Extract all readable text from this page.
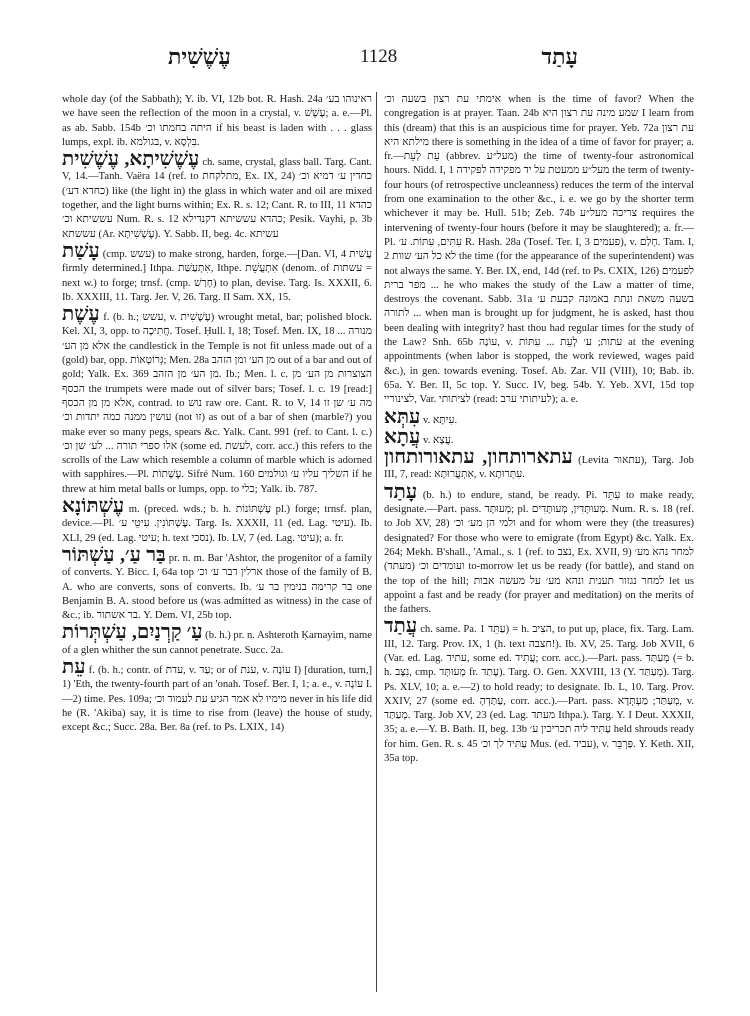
עֶשֶׁשִׁית	1128	עָתַד

whole day (of the Sabbath); Y. ib. VI, 12b bot. R. Hash. 24a ראינוהו בע׳ we have seen the reflection of the moon in a crystal, v. עָשָׁשׁ; a. e.—Pl. as ab. Sabb. 154b היתה בחמתו וכ׳ if his beast is laden with . . . glass lumps, expl. ib. בגולמא, v. בִּלְסָא.

עֶשֶׁשִׁיתָא, עֶשֶׁשִׁית ch. same, crystal, glass ball. Targ. Cant. V, 14.—Tanh. Vaëra 14 (ref. to מתלקחת, Ex. IX, 24) כחדין ע׳ דמיא וכ׳ (כחדא דע׳) like (the light in) the glass in which water and oil are mixed together, and the light burns within; Ex. R. s. 12; Cant. R. to III, 11 כהדא עששיתא וכ׳ Num. R. s. 12 כהדא עששיתא דקנדילא; Pesik. Vayhi, p. 3b עששתא (Ar. עֶשָׁשִׁיתָא). Y. Sabb. II, beg. 4c. עשיתא

עָשַׁת (cmp. עשש) to make strong, harden, forge.—[Dan. VI, 4 עֲשִׁית firmly determined.] Ithpa. אִתְעַשַּׁת, Ithpe. אִתְעֲשֵׁת (denom. of עשתות = next w.) to forge; trnsf. (cmp. חָרַשׁ) to plan, devise. Targ. Is. XXXII, 6. Ib. XXXIII, 11. Targ. Jer. V, 26. Targ. II Sam. XX, 15.

עֶשֶׁת f. (b. h.; עשש, v. עֶשֶׁשִׁית) wrought metal, bar; polished block. Kel. XI, 3, opp. to חֲתִיכָה. Tosef. Ḥull. I, 18; Tosef. Men. IX, 18 מנורה ... אלא מן הע׳ the candlestick in the Temple is not fit unless made out of a (gold) bar, opp. גְּרוֹטָאוֹת; Men. 28a מן הע׳ ומן הזהב out of a bar and out of gold; Yalk. Ex. 369 מן הע׳ מן הזהב. Ib.; Men. l. c. הצוצרות מן הע׳ מן הכסף the trumpets were made out of silver bars; Tosef. l. c. 19 [read:] אלא מן מן הכסף, contrad. to נוש raw ore. Cant. R. to V, 14 מה ע׳ שן זו עושין ממנה כמה יתדות וכ׳ (not זוּ) as out of a bar of shen (marble?) you make ever so many pegs, spears &c. Yalk. Cant. 991 (ref. to Cant. l. c.) אלו ספרי תורה ... לע׳ שן וכ׳ (some ed. לעשת, corr. acc.) this refers to the scrolls of the Law which resemble a column of marble which is adorned with sapphires.—Pl. עֶשָׁתוֹת. Sifré Num. 160 השליך עליו ע׳ וגולמים if he threw at him metal balls or lumps, opp. to כלי; Yalk. ib. 787.

עֶשְׁתּוֹנָא m. (preced. wds.; b. h. עֶשְׁתּוֹנוֹת pl.) forge; trnsf. plan, device.—Pl. עֶשְׁתּוֹנִין. עִיטֵי ע׳. Targ. Is. XXXII, 11 (ed. Lag. עיטי). Ib. XLI, 29 (ed. Lag. עיטי; h. text נסכי). Ib. LV, 7 (ed. Lag. עיטי); a. fr.

בַּר עַ׳, עַשְׁתּוֹר pr. n. m. Bar 'Ashtor, the progenitor of a family of converts. Y. Bicc. I, 64a top ארלין דבר ע׳ וכ׳ those of the family of B. A. who are converts, sons of converts. Ib. בר קרימה בנימין בר ע׳ one Benjamin B. A. stood before us (was admitted as witness) in the case of &c.; ib. בר אשתור. Y. Dem. VI, 25b top.

עַ׳ קַרְנַיִם, עַשְׁתְּרוֹת (b. h.) pr. n. Ashteroth Ḳarnayim, name of a glen whither the sun cannot penetrate. Succ. 2a.

עֵת f. (b. h.; contr. of עדת, v. עַד; or of ענת, v. עוֹנָה I) [duration, turn,] 1) 'Eth, the twenty-fourth part of an 'onah. Tosef. Ber. I, 1; a. e., v. עוֹנָה I.—2) time. Pes. 109a; מימיו לא אמר הגיע עת לעמוד וכ׳ never in his life did he (R. 'Akiba) say, it is time to rise from (leave) the house of study, except &c.; Succ. 28a. Ber. 8a (ref. to Ps. LXIX, 14)

אימתי עת רצון בשעה וכ׳ when is the time of favor? When the congregation is at prayer. Taan. 24b שמע מינה עת רצון היא I learn from this (dream) that this is an auspicious time for prayer. Yeb. 72a עת רצון מילתא היא there is something in the idea of a time of favor for prayer; a. fr.—עֵת לְעֵת (abbrev. מעל״ע) the time of twenty-four astronomical hours. Nidd. I, 1 מעל״ע ממעטת על יד מפקידה לפקידה the term of twenty-four hours (of retrospective uncleanness) reduces the term of the interval from one examination to the other &c., i. e. we go by the shorter term whichever it may be. Hull. 51b; Zeb. 74b צריכה מעל״ע requires the intervening of twenty-four hours (before it may be slaughtered); a. fr.—Pl. עִתִּים, עִתּוֹת. ע׳ R. Hash. 28a (Tosef. Ter. I, 3 פעמים), v. חָלַם. Tam. I, 2 לא כל הע׳ שוות the time (for the appearance of the superintendent) was not always the same. Y. Ber. IX, end, 14d (ref. to Ps. CXIX, 126) לפעמים ... מפר ברית he who makes the study of the Law a matter of time, destroys the covenant. Sabb. 31a בשעה משאת ונתת באמונה קבעת ע׳ לתורה ... when man is brought up for judgment, he is asked, hast thou been dealing with integrity? hast thou had regular times for the study of the Law? Snh. 65b עוֹנָה, v. עתות; ע׳ לְעֵת ... עִתּוֹת at the evening appointments (when labor is stopped, the work reviewed, wages paid &c.), in gen. towards evening. Tosef. Ab. Zar. VII (VIII), 10; Bab. ib. 65a. Y. Ber. II, 5c top. Y. Succ. IV, beg. 54b. Y. Yeb. XVI, 15d top לצינוריי, Var. לציתותי (read: לעיתותי ערב); a. e.

עִתְּא v. עִיתָּא.

עֲתָא v. עֲצָא.

עתארותחון, עתאורותחון (Levita עתאור), Targ. Job III, 7, read: אִתְעֲרוּתָא, v. עִתְּרוּתָא.

עָתַד (b. h.) to endure, stand, be ready. Pi. עִתֵּד to make ready, designate.—Part. pass. מְעוּתָּד; pl. מְעוּתָּדִין, מְעוּתָּדִים. Num. R. s. 18 (ref. to Job XV, 28) ולמי הן מע׳ וכ׳ and for whom were they (the treasures) designated? For those who were to emigrate (from Egypt) &c. Yalk. Ex. 264; Mekh. B'shall., 'Amal., s. 1 (ref. to נצב, Ex. XVII, 9) למחר נהא מע׳ ועומדים וכ׳ (מעתד) to-morrow let us be ready (for battle), and stand on the top of the hill; למחר נגזור תענית ונהא מע׳ על מעשה אבות let us appoint a fast and be ready (for prayer and meditation) on the merits of the fathers.

עֲתַד ch. same. Pa. עַתֵּד 1) = h. הצִיב, to put up, place, fix. Targ. Lam. III, 12. Targ. Prov. IX, 1 (h. text חצבה!). Ib. XV, 25. Targ. Job XVII, 6 (Var. ed. Lag. עתיד, some ed. עֲתִיד; corr. acc.).—Part. pass. מְעַתַּד (= b. h. נִצָּב, cmp. מְעוּתָּד fr. עָתַד). Targ. O. Gen. XXVIII, 13 (Y. מְעַתַּד). Targ. Ps. XLV, 10; a. e.—2) to hold ready; to designate. Ib. L, 10. Targ. Prov. XXIV, 27 (some ed. עַתַּדְהָ, corr. acc.).—Part. pass. מְעַתַּד; מַעְתְּדָא, v. מְעַתַּד. Targ. Job XV, 23 (ed. Lag. מעתד Ithpa.). Targ. Y. I Deut. XXXII, 35; a. e.—Y. B. Bath. II, beg. 13b עַתִּיד ליה תכריכין ע׳ held shrouds ready for him. Gen. R. s. 45 עַתִּיד לך וכ׳ Mus. (ed. עביד), v. פַּרְבֵּר. Y. Keth. XII, 35a top.
